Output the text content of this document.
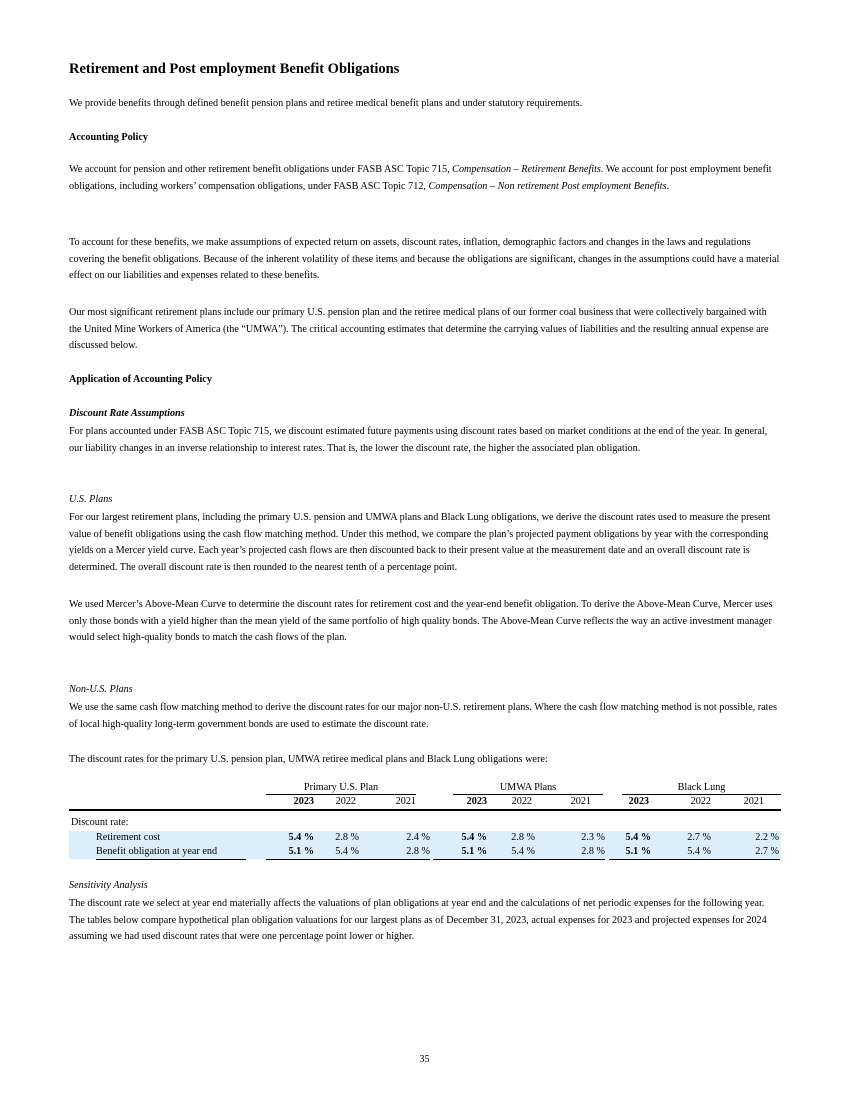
Retirement and Post employment Benefit Obligations

We provide benefits through defined benefit pension plans and retiree medical benefit plans and under statutory requirements.

Accounting Policy

We account for pension and other retirement benefit obligations under FASB ASC Topic 715, Compensation – Retirement Benefits. We account for post employment benefit obligations, including workers’ compensation obligations, under FASB ASC Topic 712, Compensation – Non retirement Post employment Benefits.

To account for these benefits, we make assumptions of expected return on assets, discount rates, inflation, demographic factors and changes in the laws and regulations covering the benefit obligations. Because of the inherent volatility of these items and because the obligations are significant, changes in the assumptions could have a material effect on our liabilities and expenses related to these benefits.

Our most significant retirement plans include our primary U.S. pension plan and the retiree medical plans of our former coal business that were collectively bargained with the United Mine Workers of America (the “UMWA”). The critical accounting estimates that determine the carrying values of liabilities and the resulting annual expense are discussed below.

Application of Accounting Policy

Discount Rate Assumptions

For plans accounted under FASB ASC Topic 715, we discount estimated future payments using discount rates based on market conditions at the end of the year. In general, our liability changes in an inverse relationship to interest rates. That is, the lower the discount rate, the higher the associated plan obligation.

U.S. Plans

For our largest retirement plans, including the primary U.S. pension and UMWA plans and Black Lung obligations, we derive the discount rates used to measure the present value of benefit obligations using the cash flow matching method. Under this method, we compare the plan’s projected payment obligations by year with the corresponding yields on a Mercer yield curve. Each year’s projected cash flows are then discounted back to their present value at the measurement date and an overall discount rate is determined. The overall discount rate is then rounded to the nearest tenth of a percentage point.

We used Mercer’s Above-Mean Curve to determine the discount rates for retirement cost and the year-end benefit obligation. To derive the Above-Mean Curve, Mercer uses only those bonds with a yield higher than the mean yield of the same portfolio of high quality bonds. The Above-Mean Curve reflects the way an active investment manager would select high-quality bonds to match the cash flows of the plan.

Non-U.S. Plans

We use the same cash flow matching method to derive the discount rates for our major non-U.S. retirement plans. Where the cash flow matching method is not possible, rates of local high-quality long-term government bonds are used to estimate the discount rate.

The discount rates for the primary U.S. pension plan, UMWA retiree medical plans and Black Lung obligations were:

Primary U.S. Plan	UMWA Plans	Black Lung
2023	2022	2021	2023	2022	2021	2023	2022	2021
Discount rate:
Retirement cost	5.4 %	2.8 %	2.4 %	5.4 %	2.8 %	2.3 %	5.4 %	2.7 %	2.2 %
Benefit obligation at year end	5.1 %	5.4 %	2.8 %	5.1 %	5.4 %	2.8 %	5.1 %	5.4 %	2.7 %

Sensitivity Analysis

The discount rate we select at year end materially affects the valuations of plan obligations at year end and the calculations of net periodic expenses for the following year. The tables below compare hypothetical plan obligation valuations for our largest plans as of December 31, 2023, actual expenses for 2023 and projected expenses for 2024 assuming we had used discount rates that were one percentage point lower or higher.

35
